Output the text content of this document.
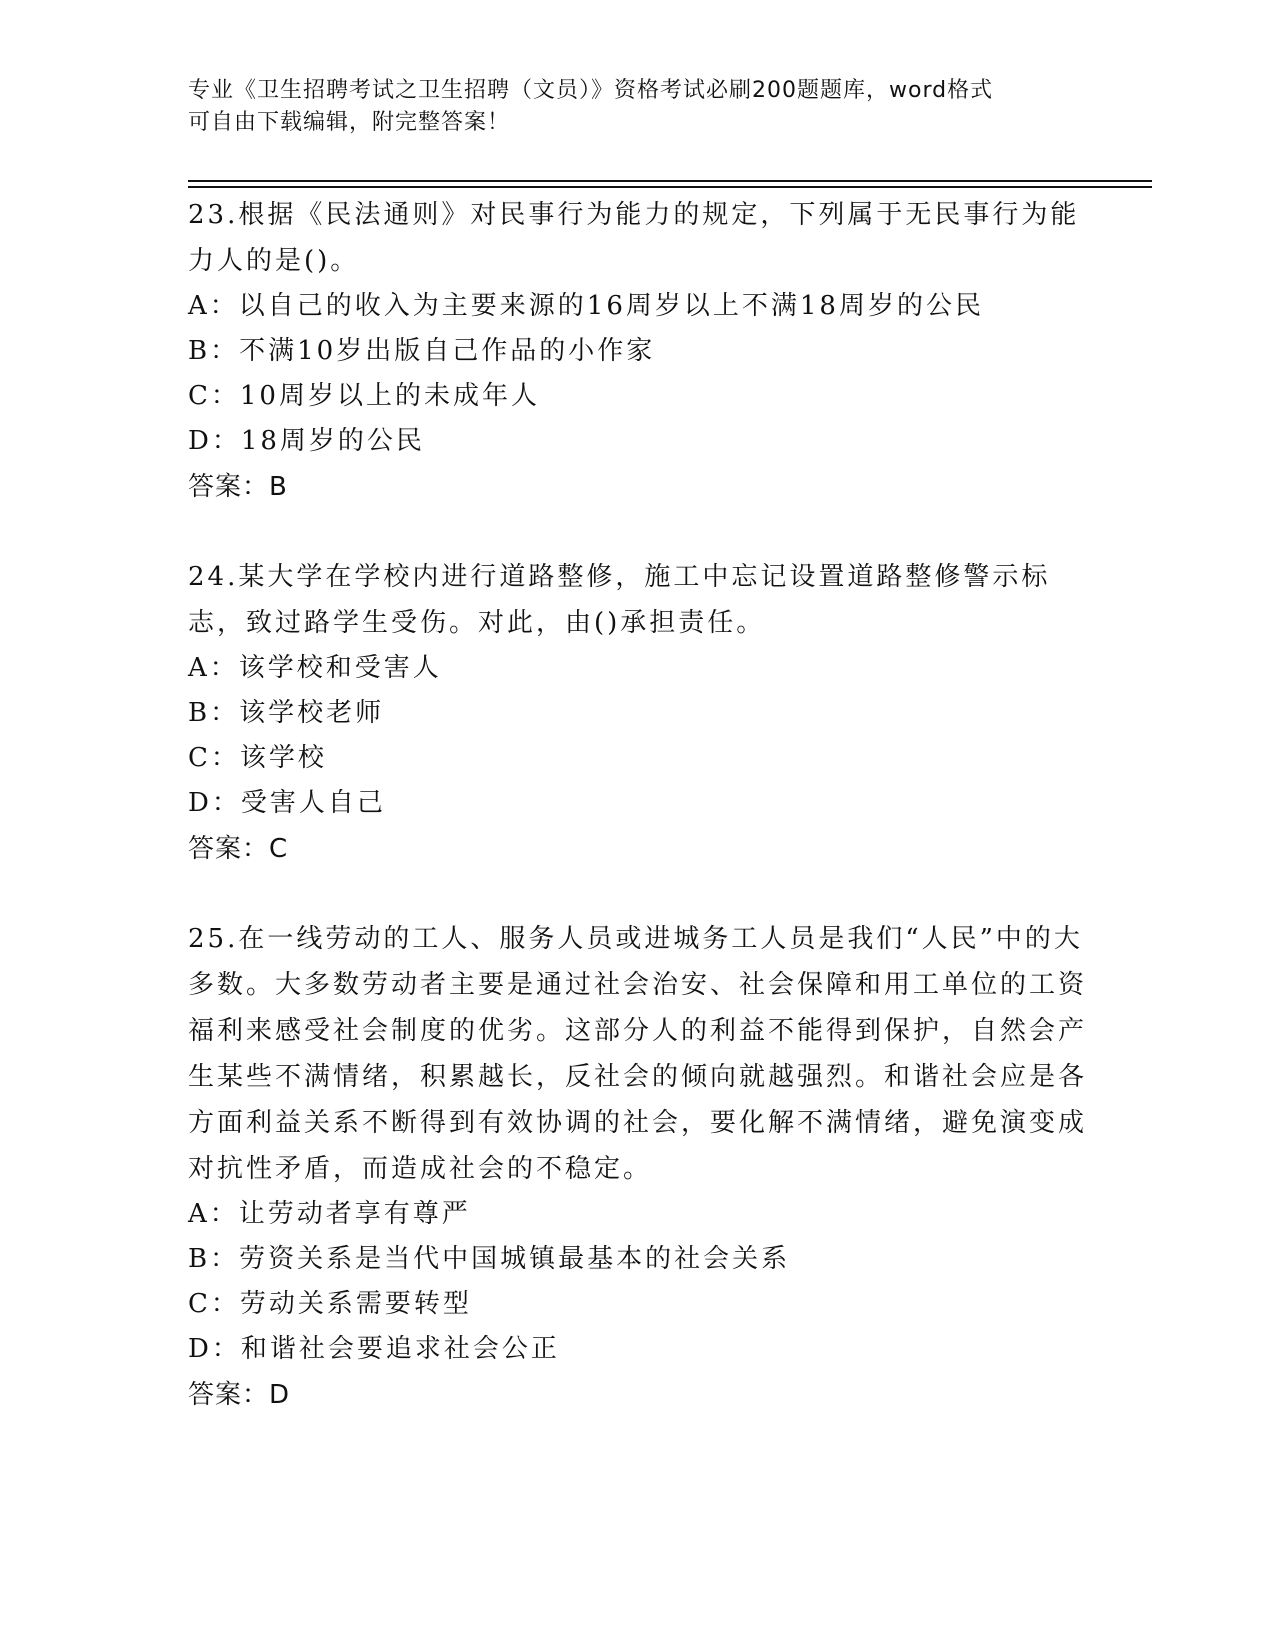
专业《卫生招聘考试之卫生招聘（文员）》资格考试必刷200题题库，word格式
可自由下载编辑，附完整答案！
23.根据《民法通则》对民事行为能力的规定，下列属于无民事行为能力人的是()。
A：以自己的收入为主要来源的16周岁以上不满18周岁的公民
B：不满10岁出版自己作品的小作家
C：10周岁以上的未成年人
D：18周岁的公民
答案：B
24.某大学在学校内进行道路整修，施工中忘记设置道路整修警示标志，致过路学生受伤。对此，由()承担责任。
A：该学校和受害人
B：该学校老师
C：该学校
D：受害人自己
答案：C
25.在一线劳动的工人、服务人员或进城务工人员是我们“人民”中的大多数。大多数劳动者主要是通过社会治安、社会保障和用工单位的工资福利来感受社会制度的优劣。这部分人的利益不能得到保护，自然会产生某些不满情绪，积累越长，反社会的倾向就越强烈。和谐社会应是各方面利益关系不断得到有效协调的社会，要化解不满情绪，避免演变成对抗性矛盾，而造成社会的不稳定。
A：让劳动者享有尊严
B：劳资关系是当代中国城镇最基本的社会关系
C：劳动关系需要转型
D：和谐社会要追求社会公正
答案：D
